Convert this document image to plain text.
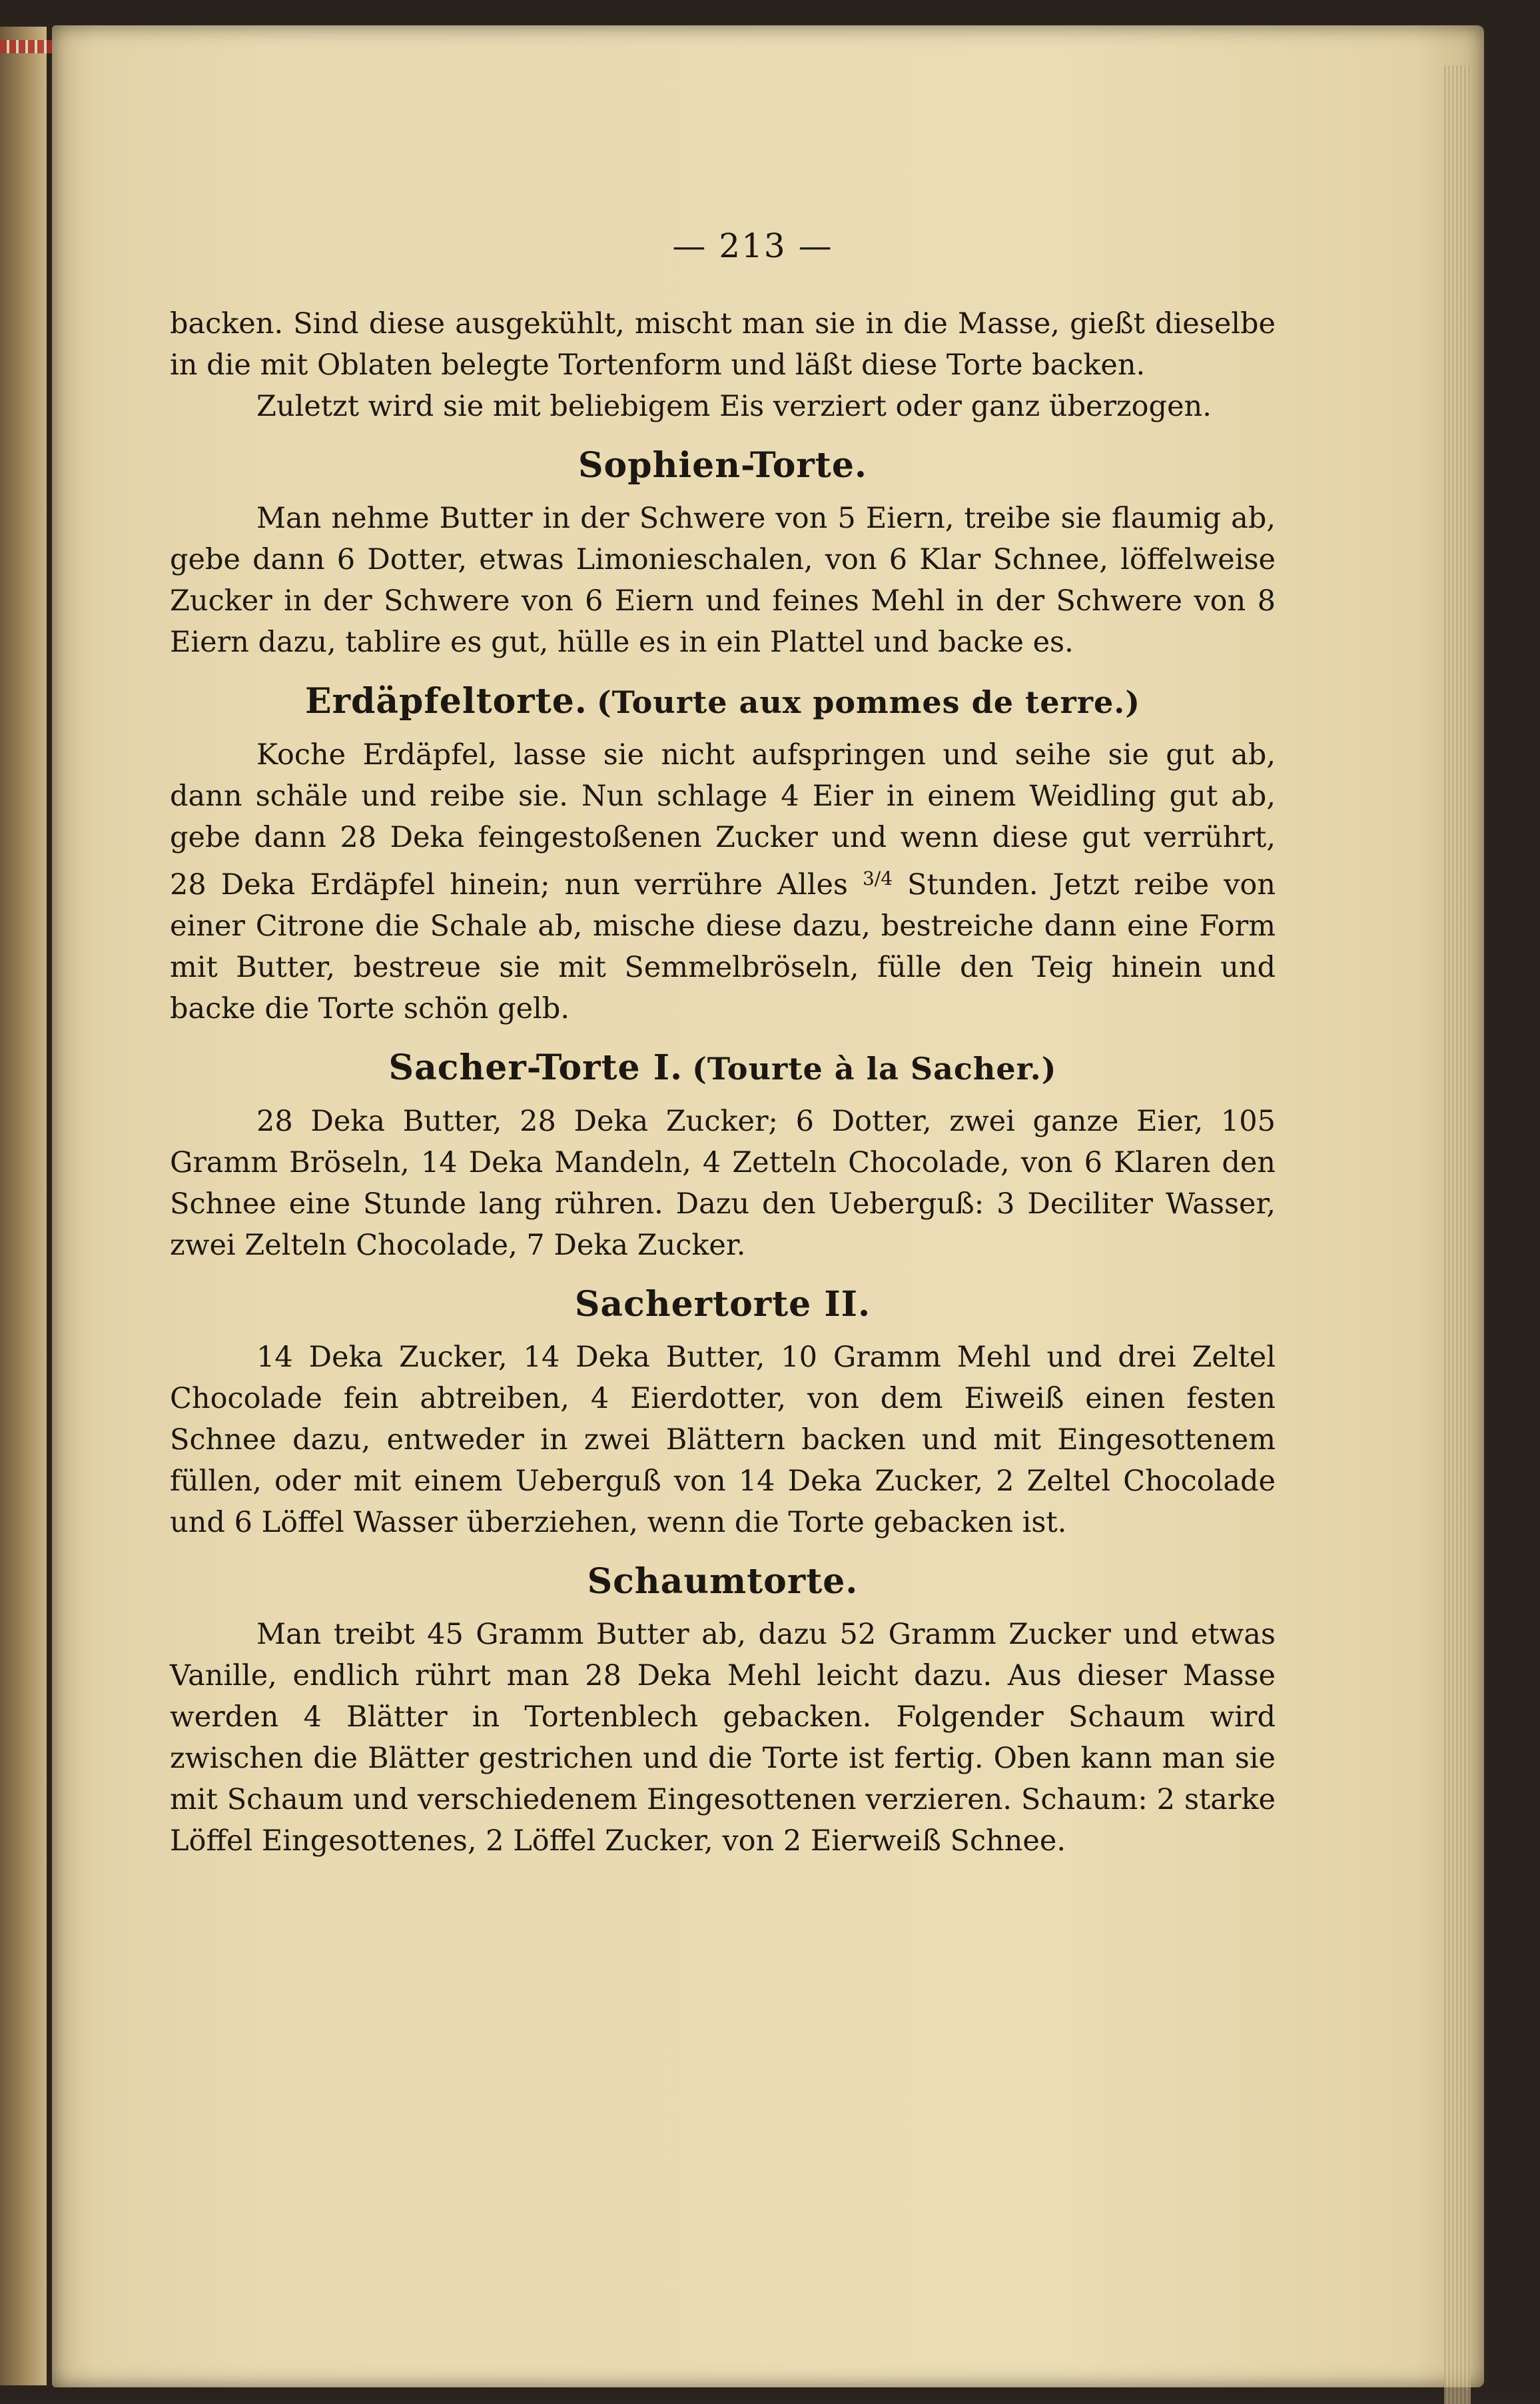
— 213 —

backen. Sind diese ausgekühlt, mischt man sie in die Masse, gießt dieselbe in die mit Oblaten belegte Tortenform und läßt diese Torte backen.

Zuletzt wird sie mit beliebigem Eis verziert oder ganz überzogen.

Sophien-Torte.

Man nehme Butter in der Schwere von 5 Eiern, treibe sie flaumig ab, gebe dann 6 Dotter, etwas Limonieschalen, von 6 Klar Schnee, löffelweise Zucker in der Schwere von 6 Eiern und feines Mehl in der Schwere von 8 Eiern dazu, tablire es gut, hülle es in ein Plattel und backe es.

Erdäpfeltorte. (Tourte aux pommes de terre.)

Koche Erdäpfel, lasse sie nicht aufspringen und seihe sie gut ab, dann schäle und reibe sie. Nun schlage 4 Eier in einem Weidling gut ab, gebe dann 28 Deka feingestoßenen Zucker und wenn diese gut verrührt, 28 Deka Erdäpfel hinein; nun verrühre Alles $^{3/4}$ Stunden. Jetzt reibe von einer Citrone die Schale ab, mische diese dazu, bestreiche dann eine Form mit Butter, bestreue sie mit Semmelbröseln, fülle den Teig hinein und backe die Torte schön gelb.

Sacher-Torte I. (Tourte à la Sacher.)

28 Deka Butter, 28 Deka Zucker; 6 Dotter, zwei ganze Eier, 105 Gramm Bröseln, 14 Deka Mandeln, 4 Zetteln Chocolade, von 6 Klaren den Schnee eine Stunde lang rühren. Dazu den Ueberguß: 3 Deciliter Wasser, zwei Zelteln Chocolade, 7 Deka Zucker.

Sachertorte II.

14 Deka Zucker, 14 Deka Butter, 10 Gramm Mehl und drei Zeltel Chocolade fein abtreiben, 4 Eierdotter, von dem Eiweiß einen festen Schnee dazu, entweder in zwei Blättern backen und mit Eingesottenem füllen, oder mit einem Ueberguß von 14 Deka Zucker, 2 Zeltel Chocolade und 6 Löffel Wasser überziehen, wenn die Torte gebacken ist.

Schaumtorte.

Man treibt 45 Gramm Butter ab, dazu 52 Gramm Zucker und etwas Vanille, endlich rührt man 28 Deka Mehl leicht dazu. Aus dieser Masse werden 4 Blätter in Tortenblech gebacken. Folgender Schaum wird zwischen die Blätter gestrichen und die Torte ist fertig. Oben kann man sie mit Schaum und verschiedenem Eingesottenen verzieren. Schaum: 2 starke Löffel Eingesottenes, 2 Löffel Zucker, von 2 Eierweiß Schnee.
